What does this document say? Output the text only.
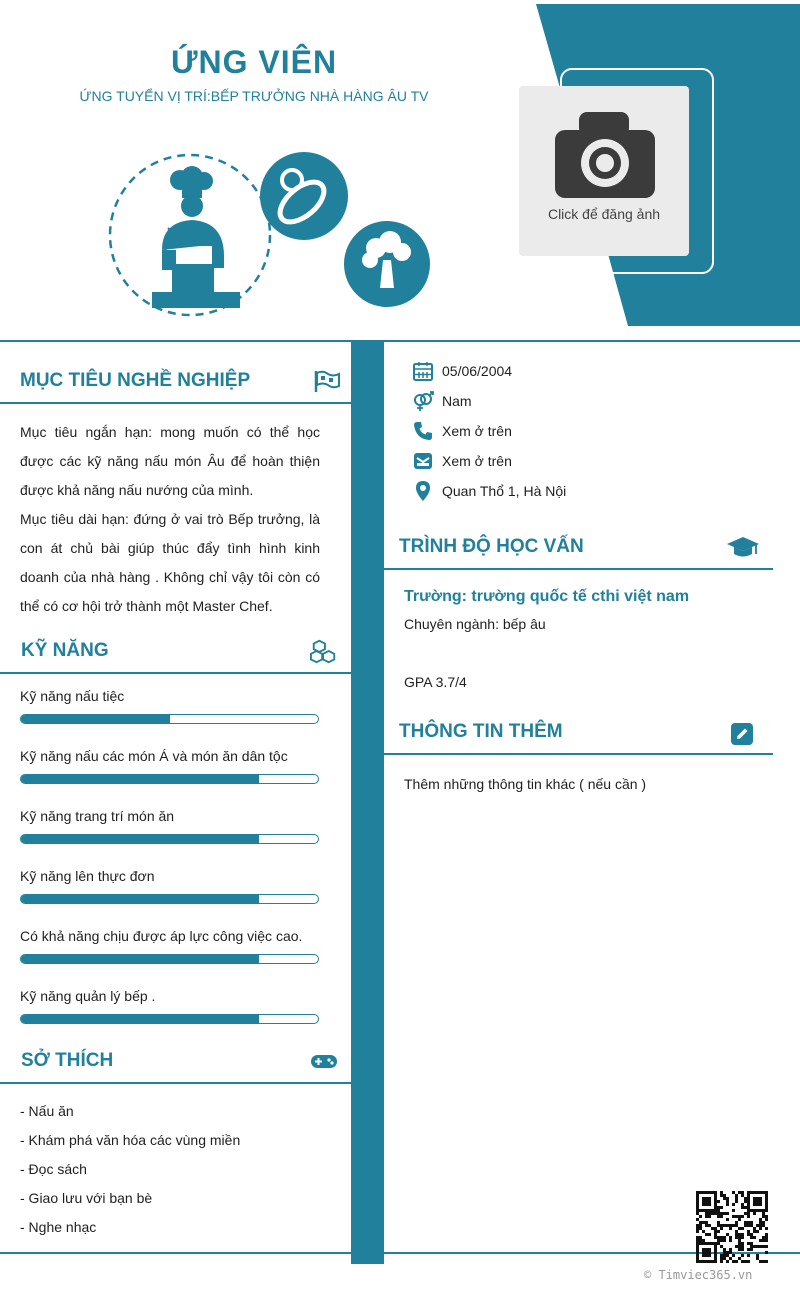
Click để đăng ảnh
ỨNG VIÊN
ỨNG TUYỂN VỊ TRÍ:BẾP TRƯỞNG NHÀ HÀNG ÂU TV
MỤC TIÊU NGHỀ NGHIỆP

Mục tiêu ngắn hạn: mong muốn có thể học được các kỹ năng nấu món Âu để hoàn thiện được khả năng nấu nướng của mình.

Mục tiêu dài hạn: đứng ở vai trò Bếp trưởng, là con át chủ bài giúp thúc đẩy tình hình kinh doanh của nhà hàng . Không chỉ vậy tôi còn có thể có cơ hội trở thành một Master Chef.

KỸ NĂNG
Kỹ năng nấu tiệc
Kỹ năng nấu các món Á và món ăn dân tộc
Kỹ năng trang trí món ăn
Kỹ năng lên thực đơn
Có khả năng chịu được áp lực công việc cao.
Kỹ năng quản lý bếp .
SỞ THÍCH
- Nấu ăn
- Khám phá văn hóa các vùng miền
- Đọc sách
- Giao lưu với bạn bè
- Nghe nhạc
05/06/2004
Nam
Xem ở trên
Xem ở trên
Quan Thổ 1, Hà Nội
TRÌNH ĐỘ HỌC VẤN
Trường: trường quốc tế cthi việt nam
Chuyên ngành: bếp âu
GPA 3.7/4
THÔNG TIN THÊM
Thêm những thông tin khác ( nếu cần )
© Timviec365.vn
